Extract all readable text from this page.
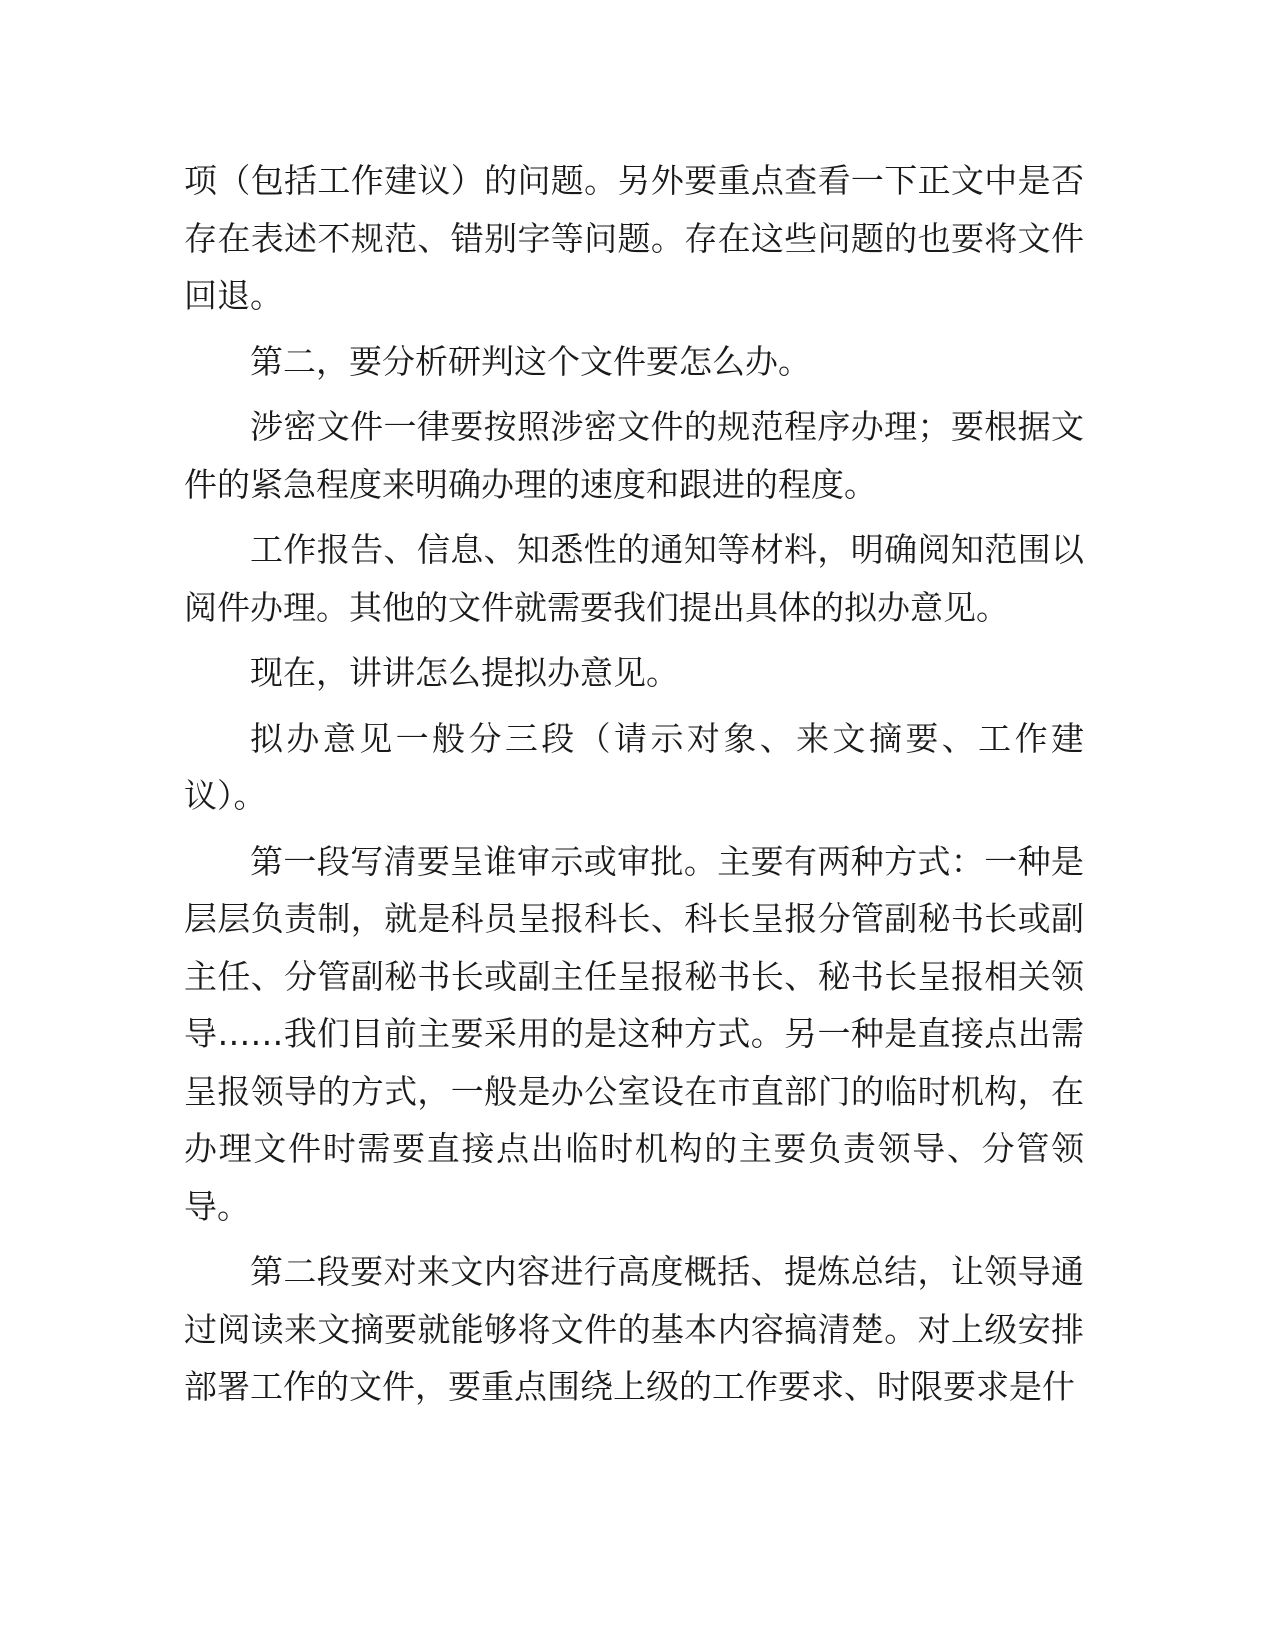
项（包括工作建议）的问题。另外要重点查看一下正文中是否存在表述不规范、错别字等问题。存在这些问题的也要将文件回退。

第二，要分析研判这个文件要怎么办。

涉密文件一律要按照涉密文件的规范程序办理；要根据文件的紧急程度来明确办理的速度和跟进的程度。

工作报告、信息、知悉性的通知等材料，明确阅知范围以阅件办理。其他的文件就需要我们提出具体的拟办意见。

现在，讲讲怎么提拟办意见。

拟办意见一般分三段（请示对象、来文摘要、工作建议）。

第一段写清要呈谁审示或审批。主要有两种方式：一种是层层负责制，就是科员呈报科长、科长呈报分管副秘书长或副主任、分管副秘书长或副主任呈报秘书长、秘书长呈报相关领导……我们目前主要采用的是这种方式。另一种是直接点出需呈报领导的方式，一般是办公室设在市直部门的临时机构，在办理文件时需要直接点出临时机构的主要负责领导、分管领导。

第二段要对来文内容进行高度概括、提炼总结，让领导通过阅读来文摘要就能够将文件的基本内容搞清楚。对上级安排部署工作的文件，要重点围绕上级的工作要求、时限要求是什
